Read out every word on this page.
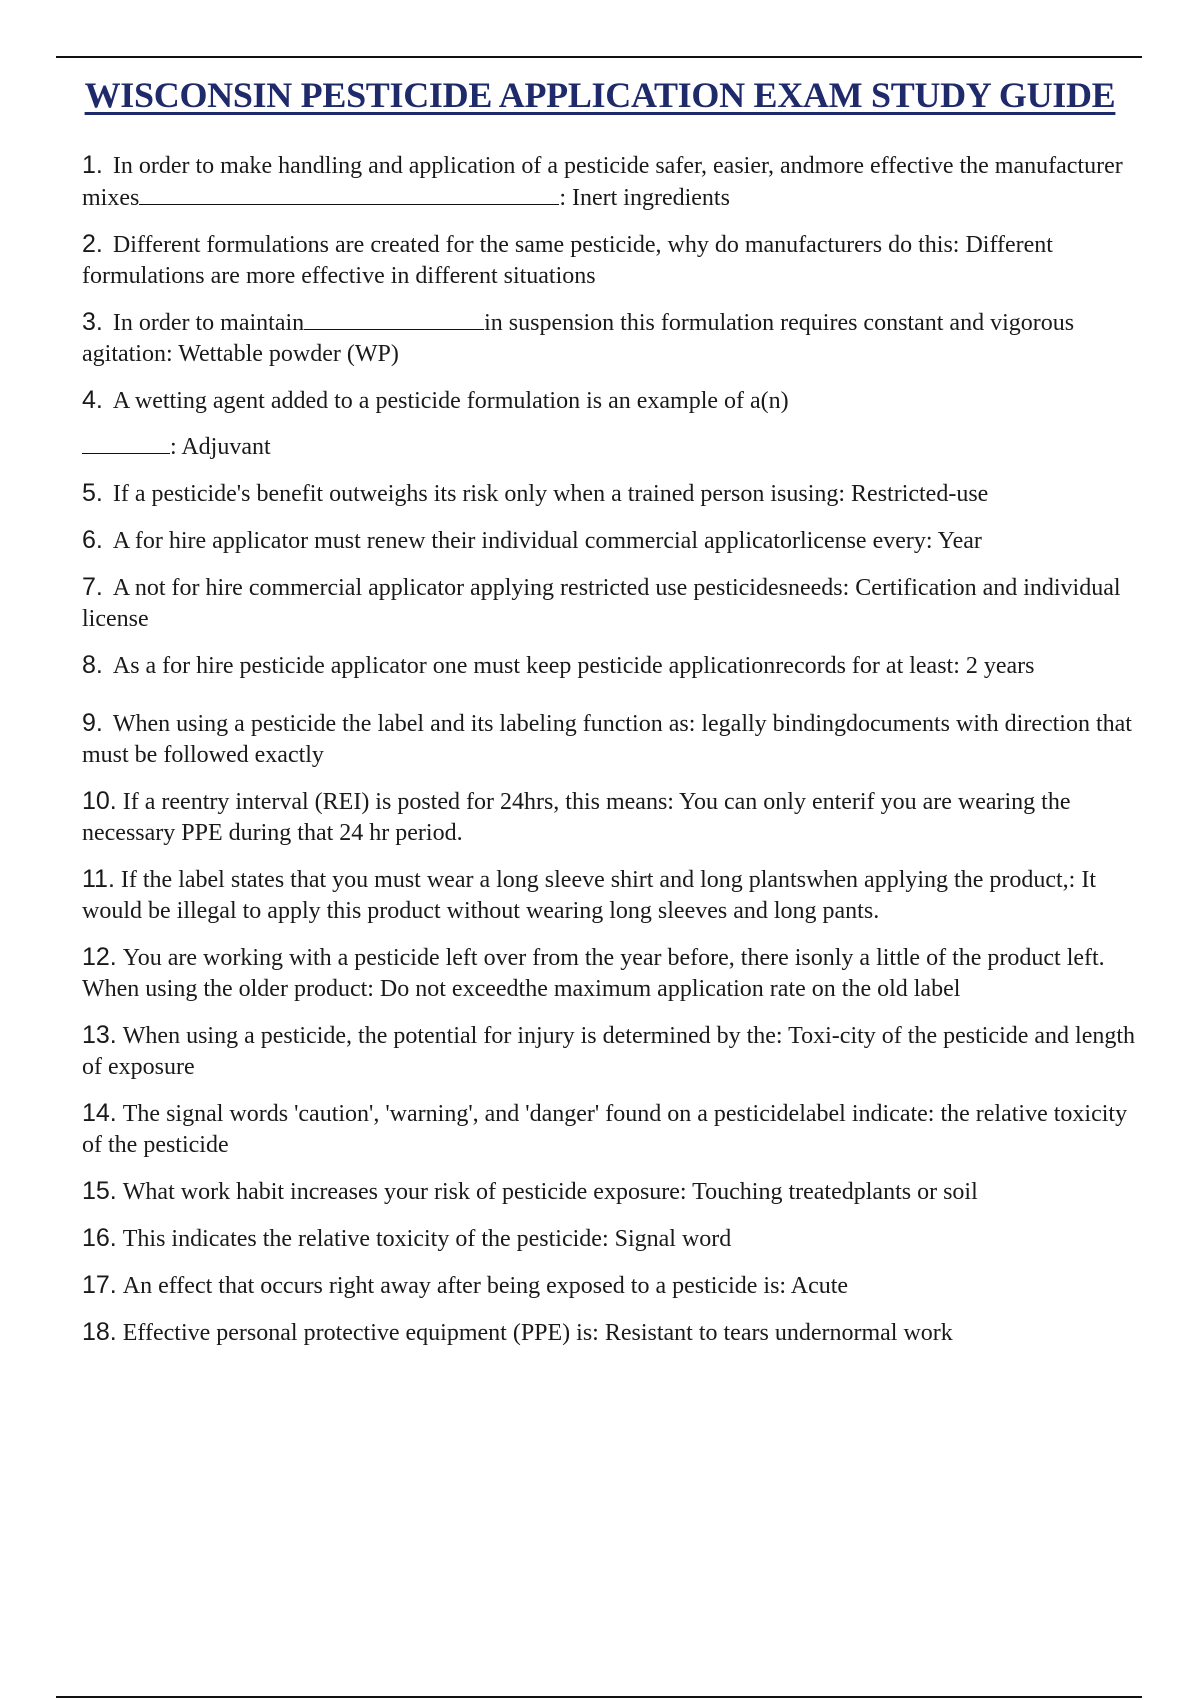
WISCONSIN PESTICIDE APPLICATION EXAM STUDY GUIDE
1. In order to make handling and application of a pesticide safer, easier, andmore effective the manufacturer mixes	: Inert ingredients
2. Different formulations are created for the same pesticide, why do manufacturers do this: Different formulations are more effective in different situations
3. In order to maintain	in suspension this formulation requires constant and vigorous agitation: Wettable powder (WP)
4. A wetting agent added to a pesticide formulation is an example of a(n)
: Adjuvant
5. If a pesticide's benefit outweighs its risk only when a trained person isusing: Restricted-use
6. A for hire applicator must renew their individual commercial applicatorlicense every: Year
7. A not for hire commercial applicator applying restricted use pesticidesneeds: Certification and individual license
8. As a for hire pesticide applicator one must keep pesticide applicationrecords for at least: 2 years
9. When using a pesticide the label and its labeling function as: legally bindingdocuments with direction that must be followed exactly
10. If a reentry interval (REI) is posted for 24hrs, this means: You can only enterif you are wearing the necessary PPE during that 24 hr period.
11. If the label states that you must wear a long sleeve shirt and long plantswhen applying the product,: It would be illegal to apply this product without wearing long sleeves and long pants.
12. You are working with a pesticide left over from the year before, there isonly a little of the product left. When using the older product: Do not exceedthe maximum application rate on the old label
13. When using a pesticide, the potential for injury is determined by the: Toxi-city of the pesticide and length of exposure
14. The signal words 'caution', 'warning', and 'danger' found on a pesticidelabel indicate: the relative toxicity of the pesticide
15. What work habit increases your risk of pesticide exposure: Touching treatedplants or soil
16. This indicates the relative toxicity of the pesticide: Signal word
17. An effect that occurs right away after being exposed to a pesticide is: Acute
18. Effective personal protective equipment (PPE) is: Resistant to tears undernormal work
